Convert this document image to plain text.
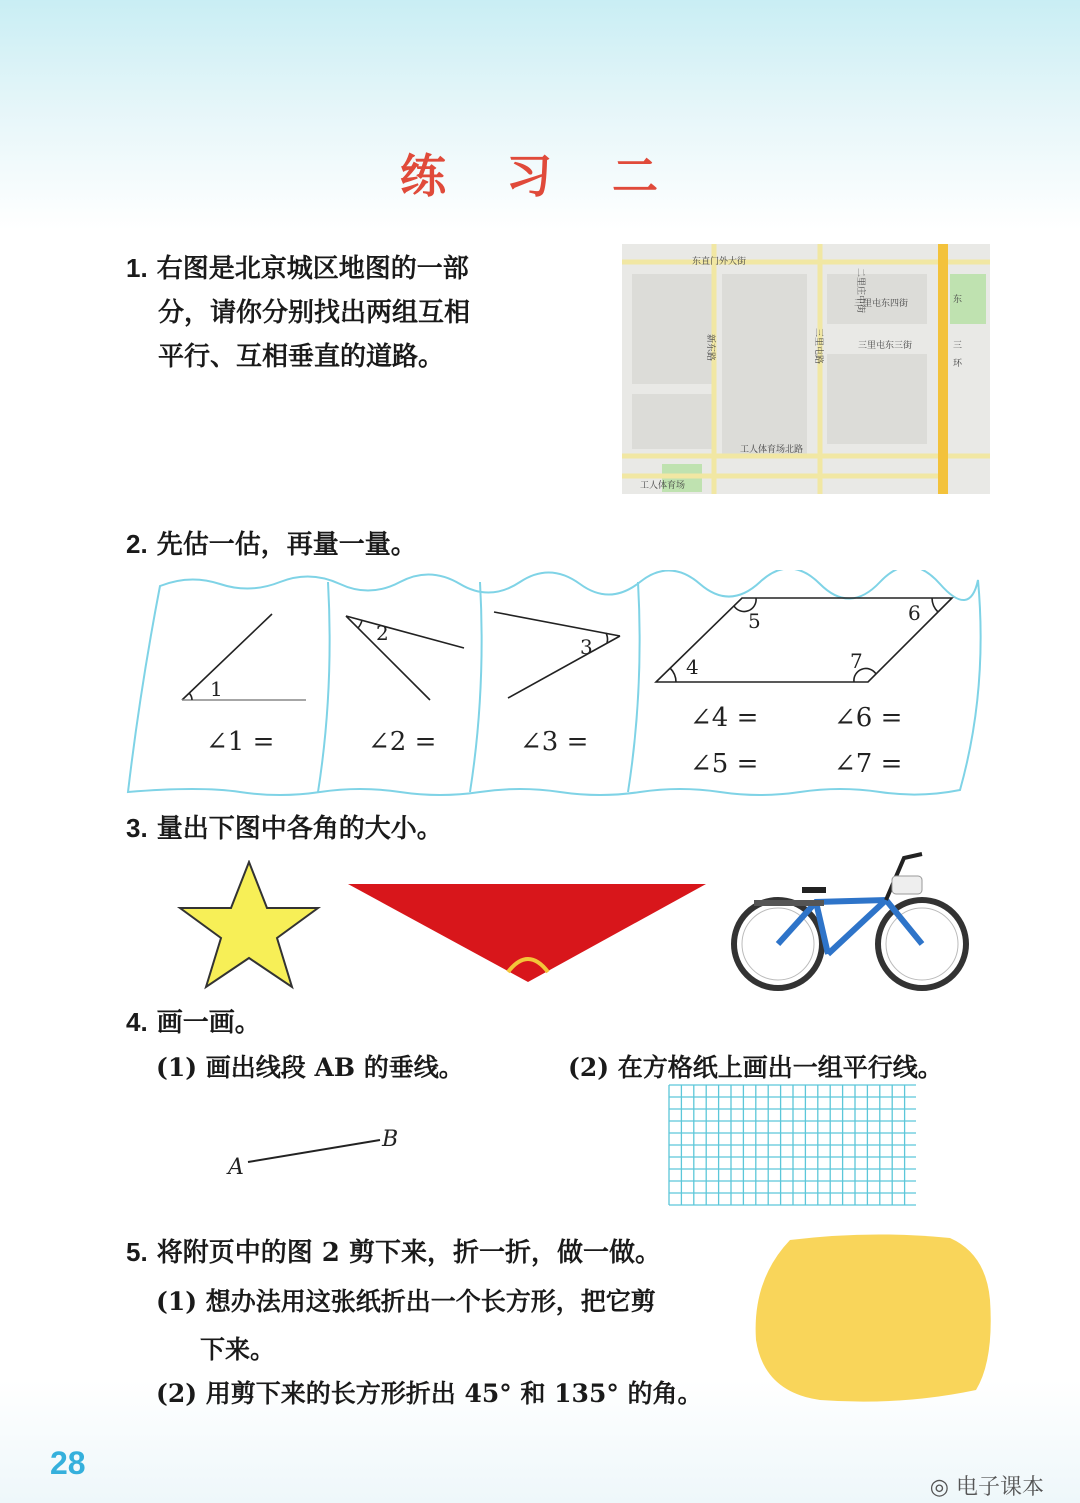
练 习 二
1. 右图是北京城区地图的一部
分，请你分别找出两组互相
平行、互相垂直的道路。
东直门外大街
三里屯东四街
三里屯东三街
工人体育场北路
工人体育场
东
三
环
二里庄中街
新东路	三里屯路
2. 先估一估，再量一量。
1
2
3
4
5	6
7
∠1 =	∠2 =	∠3 =
∠4 =	∠6 =
∠5 =	∠7 =
3. 量出下图中各角的大小。
4. 画一画。
(1) 画出线段 AB 的垂线。	(2) 在方格纸上画出一组平行线。
A
B
5. 将附页中的图 2 剪下来，折一折，做一做。
(1) 想办法用这张纸折出一个长方形，把它剪
下来。
(2) 用剪下来的长方形折出 45° 和 135° 的角。
28
◎ 电子课本
